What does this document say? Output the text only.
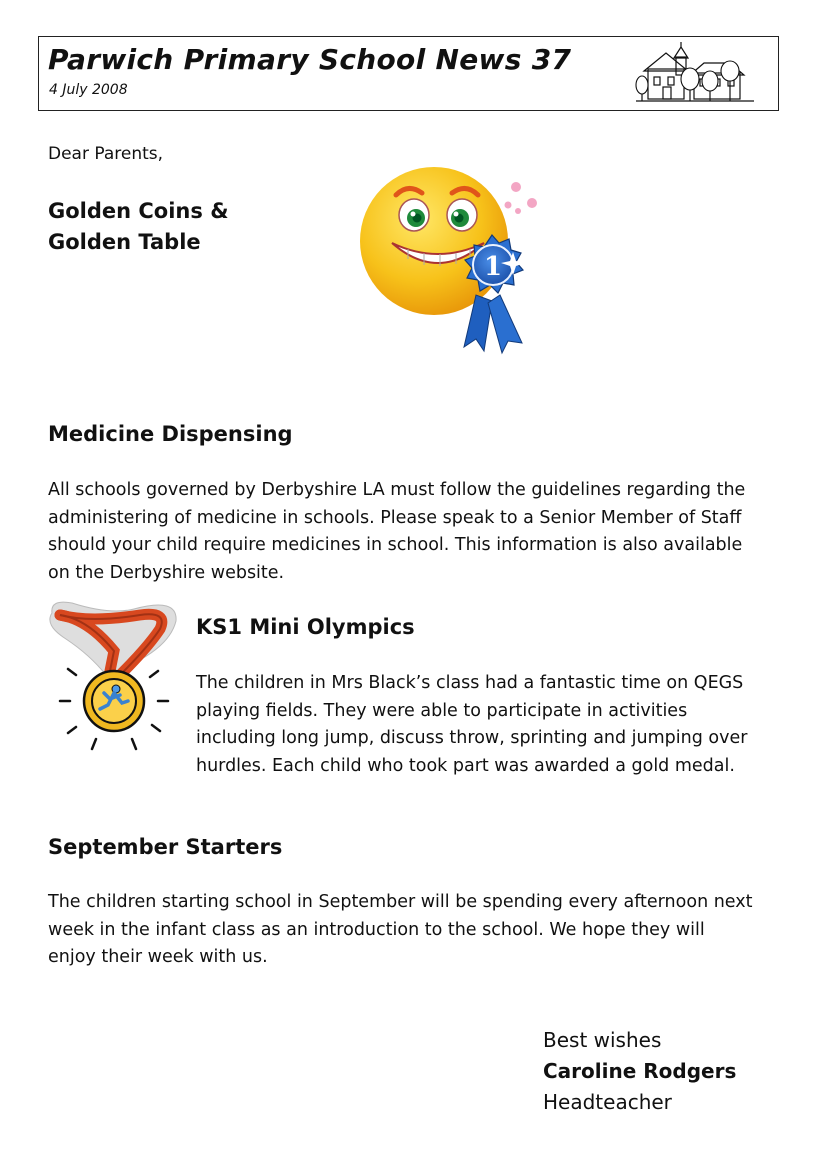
Parwich Primary School News 37
4 July 2008
Dear Parents,
Golden Coins &
Golden Table
1
Medicine Dispensing
All schools governed by Derbyshire LA must follow the guidelines regarding the
administering of medicine in schools. Please speak to a Senior Member of Staff
should your child require medicines in school. This information is also available
on the Derbyshire website.
KS1 Mini Olympics
The children in Mrs Black’s class had a fantastic time on QEGS
playing fields. They were able to participate in activities
including long jump, discuss throw, sprinting and jumping over
hurdles. Each child who took part was awarded a gold medal.
September Starters
The children starting school in September will be spending every afternoon next
week in the infant class as an introduction to the school. We hope they will
enjoy their week with us.
Best wishes
Caroline Rodgers
Headteacher
